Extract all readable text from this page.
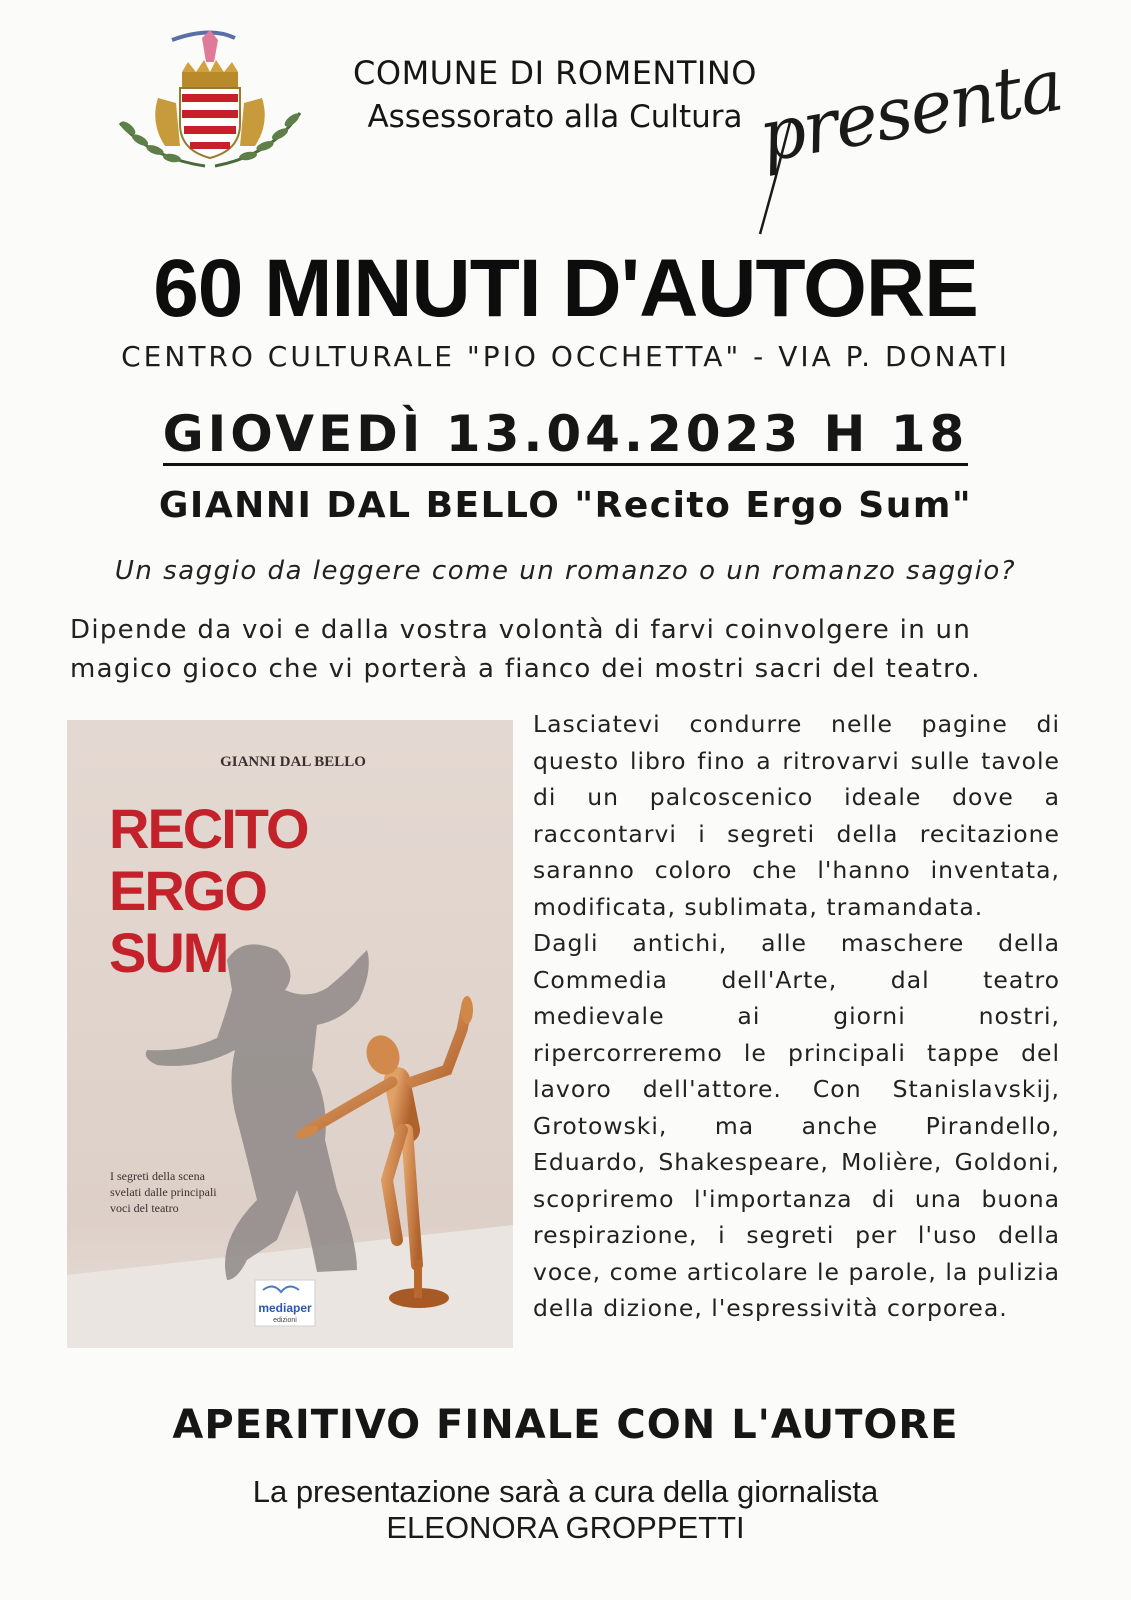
COMUNE DI ROMENTINO
Assessorato alla Cultura presenta
60 MINUTI D'AUTORE
CENTRO CULTURALE "PIO OCCHETTA" - VIA P. DONATI
GIOVEDÌ 13.04.2023 H 18
GIANNI DAL BELLO "Recito Ergo Sum"
Un saggio da leggere come un romanzo o un romanzo saggio?
Dipende da voi e dalla vostra volontà di farvi coinvolgere in un magico gioco che vi porterà a fianco dei mostri sacri del teatro.
GIANNI DAL BELLO
RECITO
ERGO
SUM
I segreti della scena
svelati dalle principali
voci del teatro
mediaper
edizioni

Lasciatevi condurre nelle pagine di questo libro fino a ritrovarvi sulle tavole di un palcoscenico ideale dove a raccontarvi i segreti della recitazione saranno coloro che l'hanno inventata, modificata, sublimata, tramandata.

Dagli antichi, alle maschere della Commedia dell'Arte, dal teatro medievale ai giorni nostri, ripercorreremo le principali tappe del lavoro dell'attore. Con Stanislavskij, Grotowski, ma anche Pirandello, Eduardo, Shakespeare, Molière, Goldoni, scopriremo l'importanza di una buona respirazione, i segreti per l'uso della voce, come articolare le parole, la pulizia della dizione, l'espressività corporea.

APERITIVO FINALE CON L'AUTORE
La presentazione sarà a cura della giornalista
ELEONORA GROPPETTI
